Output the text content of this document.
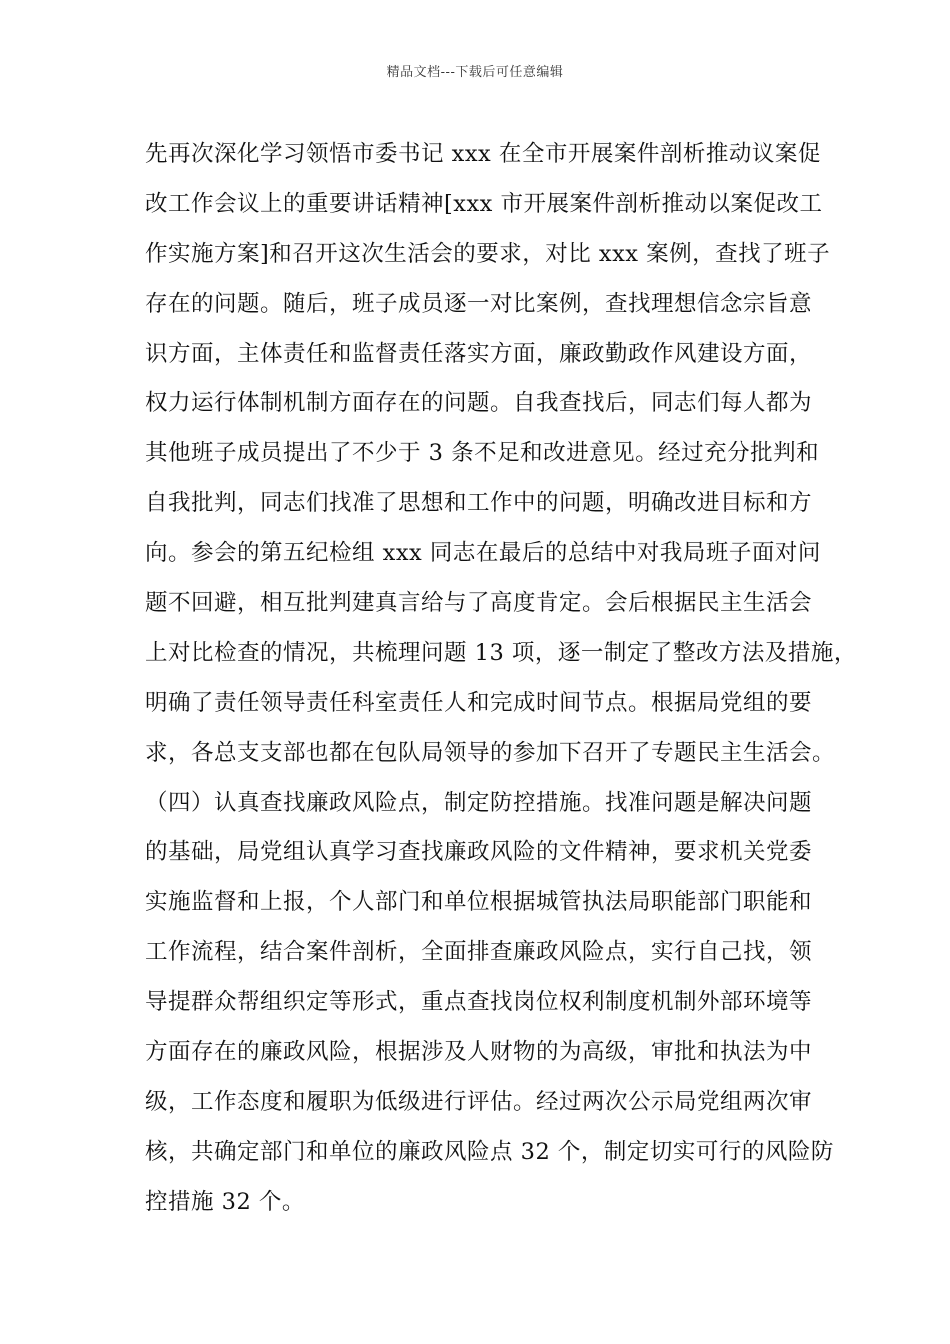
精品文档---下载后可任意编辑
先再次深化学习领悟市委书记 xxx 在全市开展案件剖析推动议案促
改工作会议上的重要讲话精神[xxx 市开展案件剖析推动以案促改工
作实施方案]和召开这次生活会的要求，对比 xxx 案例，查找了班子
存在的问题。随后，班子成员逐一对比案例，查找理想信念宗旨意
识方面，主体责任和监督责任落实方面，廉政勤政作风建设方面，
权力运行体制机制方面存在的问题。自我查找后，同志们每人都为
其他班子成员提出了不少于 3 条不足和改进意见。经过充分批判和
自我批判，同志们找准了思想和工作中的问题，明确改进目标和方
向。参会的第五纪检组 xxx 同志在最后的总结中对我局班子面对问
题不回避，相互批判建真言给与了高度肯定。会后根据民主生活会
上对比检查的情况，共梳理问题 13 项，逐一制定了整改方法及措施，
明确了责任领导责任科室责任人和完成时间节点。根据局党组的要
求，各总支支部也都在包队局领导的参加下召开了专题民主生活会。
（四）认真查找廉政风险点，制定防控措施。找准问题是解决问题
的基础，局党组认真学习查找廉政风险的文件精神，要求机关党委
实施监督和上报，个人部门和单位根据城管执法局职能部门职能和
工作流程，结合案件剖析，全面排查廉政风险点，实行自己找，领
导提群众帮组织定等形式，重点查找岗位权利制度机制外部环境等
方面存在的廉政风险，根据涉及人财物的为高级，审批和执法为中
级，工作态度和履职为低级进行评估。经过两次公示局党组两次审
核，共确定部门和单位的廉政风险点 32 个，制定切实可行的风险防
控措施 32 个。
